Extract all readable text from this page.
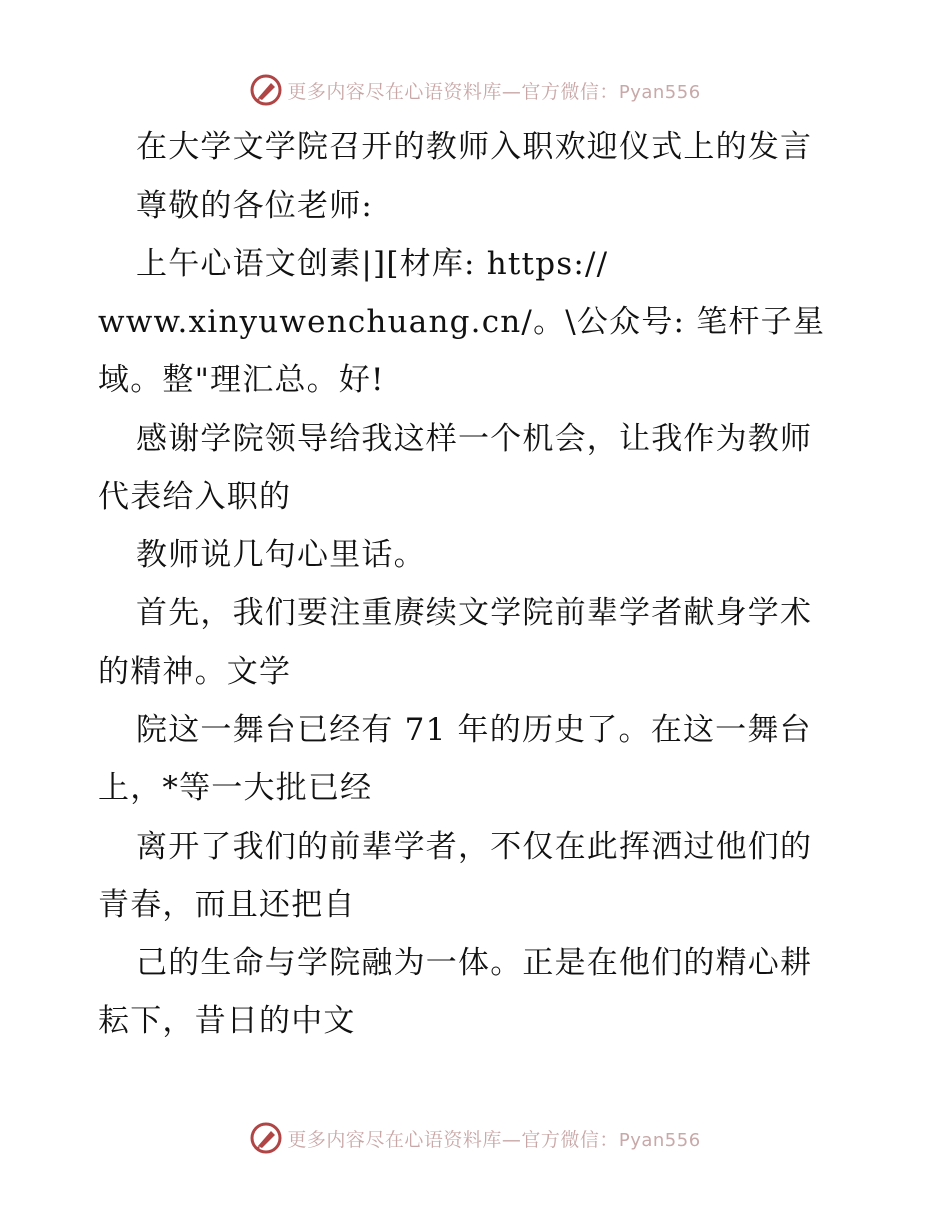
更多内容尽在心语资料库—官方微信：Pyan556
在大学文学院召开的教师入职欢迎仪式上的发言
尊敬的各位老师:
上午心语文创素|][材库: https://
www.xinyuwenchuang.cn/。\公众号: 笔杆子星
域。整"理汇总。好!
感谢学院领导给我这样一个机会，让我作为教师
代表给入职的
教师说几句心里话。
首先，我们要注重赓续文学院前辈学者献身学术
的精神。文学
院这一舞台已经有 71 年的历史了。在这一舞台
上，*等一大批已经
离开了我们的前辈学者，不仅在此挥洒过他们的
青春，而且还把自
己的生命与学院融为一体。正是在他们的精心耕
耘下，昔日的中文
更多内容尽在心语资料库—官方微信：Pyan556
